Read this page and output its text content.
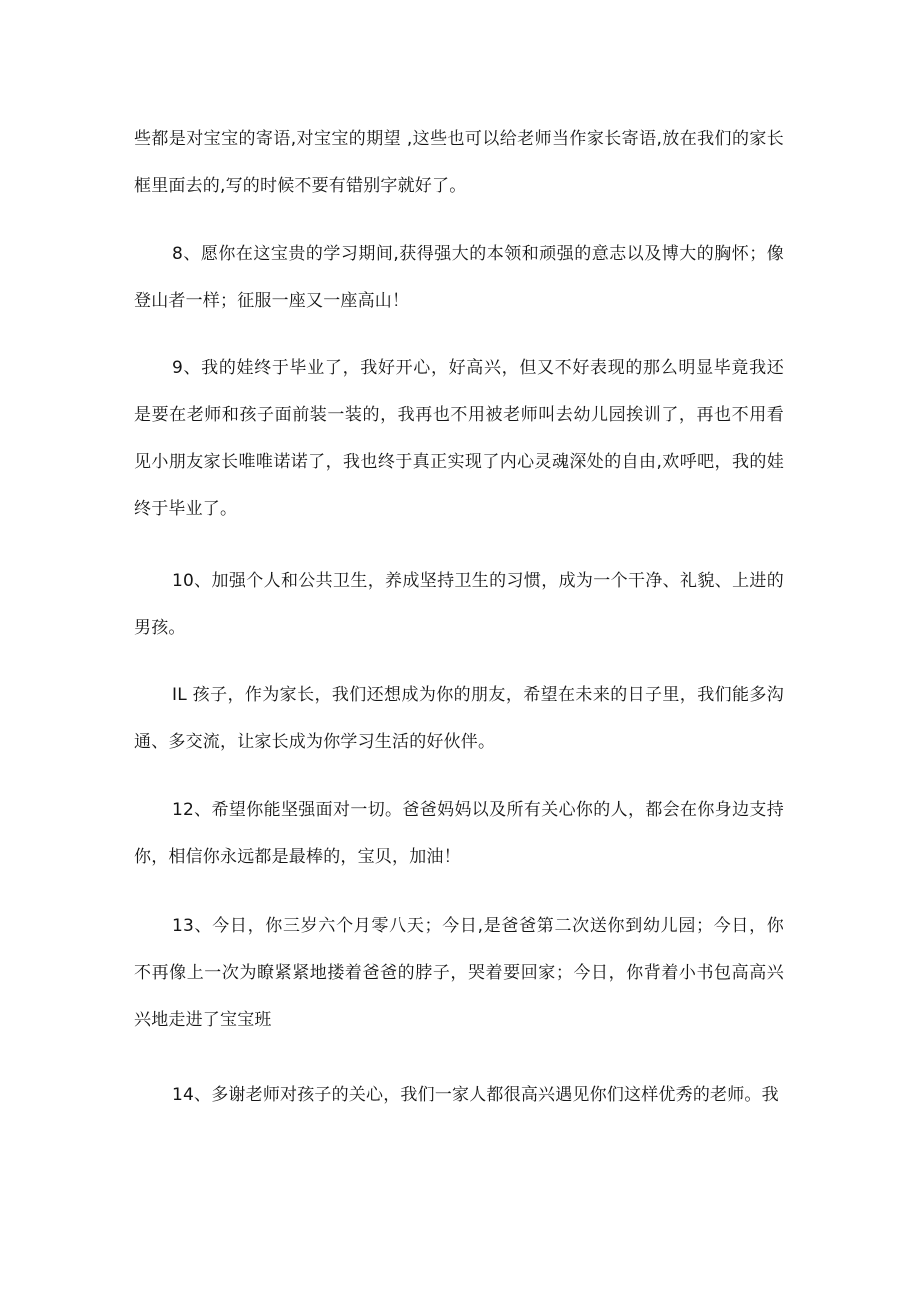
些都是对宝宝的寄语,对宝宝的期望 ,这些也可以给老师当作家长寄语,放在我们的家长框里面去的,写的时候不要有错别字就好了。

8、愿你在这宝贵的学习期间,获得强大的本领和顽强的意志以及博大的胸怀；像登山者一样；征服一座又一座高山！

9、我的娃终于毕业了，我好开心，好高兴，但又不好表现的那么明显毕竟我还是要在老师和孩子面前装一装的，我再也不用被老师叫去幼儿园挨训了，再也不用看见小朋友家长唯唯诺诺了，我也终于真正实现了内心灵魂深处的自由,欢呼吧，我的娃终于毕业了。

10、加强个人和公共卫生，养成坚持卫生的习惯，成为一个干净、礼貌、上进的男孩。

IL 孩子，作为家长，我们还想成为你的朋友，希望在未来的日子里，我们能多沟通、多交流，让家长成为你学习生活的好伙伴。

12、希望你能坚强面对一切。爸爸妈妈以及所有关心你的人，都会在你身边支持你，相信你永远都是最棒的，宝贝，加油！

13、今日，你三岁六个月零八天；今日,是爸爸第二次送你到幼儿园；今日，你不再像上一次为瞭紧紧地搂着爸爸的脖子，哭着要回家；今日，你背着小书包高高兴兴地走进了宝宝班

14、多谢老师对孩子的关心，我们一家人都很高兴遇见你们这样优秀的老师。我
